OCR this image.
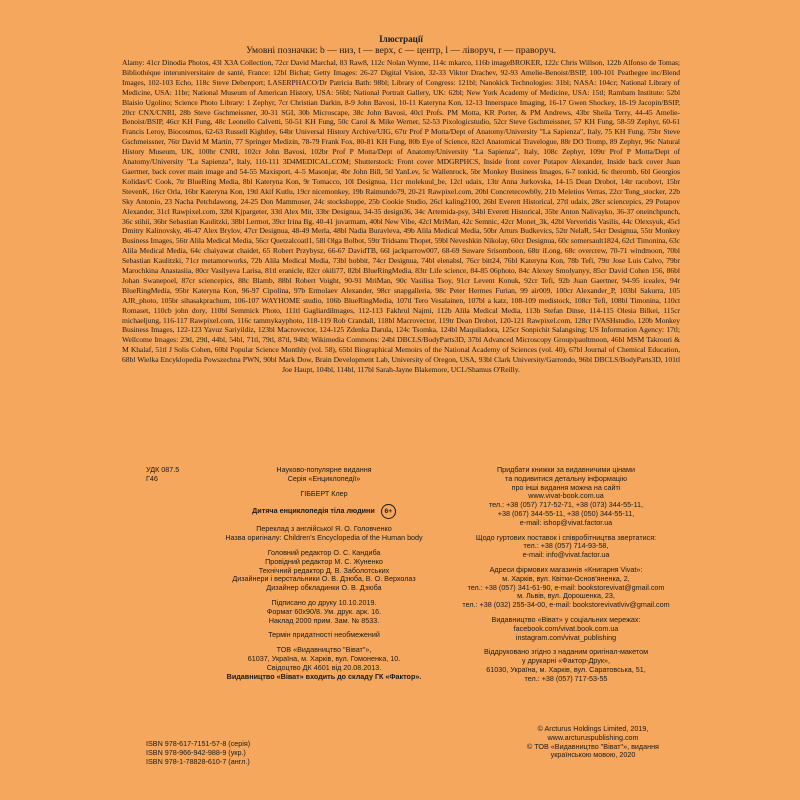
Ілюстрації
Умовні позначки: b — низ, t — верх, c — центр, l — ліворуч, r — праворуч.
Alamy: 41cr Dinodia Photos, 43l X3A Collection, 72cr David Marchal, 83 Raw8, 112c Nolan Wynne, 114c mkarco, 116b imageBROKER, 122c Chris Willson, 122b Alfonso de Tomas; Bibliothèque interuniversitaire de santé, France: 12bl Bichat; Getty Images: 26-27 Digital Vision, 32-33 Viktor Drachev, 92-93 Amelie-Benoist/BSIP, 100-101 Peathegee inc/Blend Images, 102-103 Echo, 118c Steve Debenport; LASERPHACO/Dr Patricia Bath: 98bl; Library of Congress: 121bl; Nanokick Technologies: 31bl; NASA: 104cr; National Library of Medicine, USA: 11br; National Museum of American History, USA: 56bl; National Portrait Gallery, UK: 62bl; New York Academy of Medicine, USA: 15tl; Rambam Institute: 52bl Blaisio Ugolino; Science Photo Library: 1 Zephyr, 7cr Christian Darkin, 8-9 John Bavosi, 10-11 Kateryna Kon, 12-13 Innerspace Imaging, 16-17 Gwen Shockey, 18-19 Jacopin/BSIP, 20cr CNX/CNRI, 28b Steve Gschmeissner, 30-31 SGI, 30b Microscape, 38c John Bavosi, 40cl Profs. PM Motta, KR Porter, & PM Andrews, 43br Sheila Terry, 44-45 Amelie-Benoist/BSIP, 46cr KH Fung, 48c Leonello Calvetti, 50-51 KH Fung, 50c Carol & Mike Werner, 52-53 Pixologicstudio, 52cr Steve Gschmeissner, 57 KH Fung, 58-59 Zephyr, 60-61 Francis Leroy, Biocosmos, 62-63 Russell Kightley, 64br Universal History Archive/UIG, 67tr Prof P Motta/Dept of Anatomy/University "La Sapienza", Italy, 75 KH Fung, 75br Steve Gschmeissner, 76tr David M Martin, 77 Springer Medizin, 78-79 Frank Fox, 80-81 KH Fung, 80b Eye of Science, 82cl Anatomical Travelogue, 88r DO Tromp, 89 Zephyr, 96c Natural History Museum, UK, 100br CNRI, 102cr John Bavosi, 102br Prof P Motta/Dept of Anatomy/University "La Sapienza", Italy, 108c Zephyr, 109tr Prof P Motta/Dept of Anatomy/University "La Sapienza", Italy, 110-111 3D4MEDICAL.COM; Shutterstock: Front cover MDGRPHCS, Inside front cover Potapov Alexander, Inside back cover Juan Gaertner, back cover main image and 54-55 Maxisport, 4–5 Masonjar, 4br John Bill, 5tl YanLev, 5c Wallenrock, 5br Monkey Business Images, 6-7 tonkid, 6c therornb, 6bl Georgios Kolidas/C Cook, 7tr BlueRing Media, 8bl Kateryna Kon, 9r Tomacco, 10l Designua, 11cr molekuul_be, 12cl udaix, 13tr Anna Jurkovska, 14-15 Dean Drobot, 14tr racobovt, 15br StevenK, 16cr Orla, 16br Kateryna Kon, 19tl Akif Kutlu, 19cr nicemonkey, 19b Raimundo79, 20-21 Rawpixel.com, 20bl Concretecowb0y, 21b Meletios Verras, 22cr Tong_stocker, 22b Sky Antonio, 23 Nacha Petchdawong, 24-25 Don Mammoser, 24c stockshoppe, 25b Cookie Studio, 26cl kaling2100, 26bl Everett Historical, 27tl udaix, 28cr sciencepics, 29 Potapov Alexander, 31cl Rawpixel.com, 32bl Kjpargeter, 33tl Alex Mit, 33br Designua, 34-35 design36, 34c Artemida-psy, 34bl Everett Historical, 35br Anton Nalivayko, 36-37 oneinchpunch, 36c stihii, 36br Sebastian Kaulitzki, 38bl Lermot, 39cr Irina Bg, 40-41 juvarmam, 40bl New Vibe, 42cl MriMan, 42c Semnic, 42cr Monet_3k, 42bl Ververidis Vasilis, 44c Olexsyuk, 45cl Dmitry Kalinovsky, 46-47 Alex Brylov, 47cr Designua, 48-49 Merla, 48bl Nadia Buravleva, 49b Alila Medical Media, 50br Arturs Budkevics, 52tr NelaR, 54cr Designua, 55tr Monkey Business Images, 56tr Alila Medical Media, 56cr Quetzalcoatl1, 58l Olga Bolbot, 59tr Tridsanu Thopet, 59bl Neveshkin Nikolay, 60cr Designua, 60c somersault1824, 62cl Timonina, 63c Alila Medical Media, 64c chaiyawat chaidet, 65 Robert Przybysz, 66-67 DavidTB, 66l jackparrow007, 68-69 Suware Srisomboon, 68tr iLong, 68c overcrew, 70-71 windmoon, 70bl Sebastian Kaulitzki, 71cr metamorworks, 72b Alila Medical Media, 73bl hobbit, 74cr Designua, 74bl elenabsl, 76cr bitt24, 76bl Kateryna Kon, 78b Tefi, 79tr Jose Luis Calvo, 79br Marochkina Anastasiia, 80cr Vasilyeva Larisa, 81tl eranicle, 82cr okili77, 82bl BlueRingMedia, 83tr Life science, 84-85 06photo, 84c Alexey Smolyanyy, 85cr David Cohen 156, 86bl Johan Swanepoel, 87cr sciencepics, 88c Blamb, 88bl Robert Voight, 90-91 MriMan, 90c Vasilisa Tsoy, 91cr Levent Konuk, 92cr Tefi, 92b Juan Gaertner, 94-95 icealex, 94r BlueRingMedia, 95br Kateryna Kon, 96-97 Cipolina, 97b Ermolaev Alexander, 98cr snapgalleria, 98c Peter Hermes Furian, 99 air009, 100cr Alexander_P, 103bl Sakurra, 105 AJR_photo, 105br sihasakprachum, 106-107 WAYHOME studio, 106b BlueRingMedia, 107tl Tero Vesalainen, 107bl a katz, 108-109 medistock, 108cr Tefi, 108bl Timonina, 110ct Romaset, 110cb john dory, 110bl Semmick Photo, 111tl Gagliardilmages, 112-113 Fakhrul Najmi, 112b Alila Medical Media, 113b Stefan Dinse, 114-115 Olesia Bilkei, 115cr michaeljung, 116-117 Rawpixel.com, 116c tammykayphoto, 118-119 Rob Crandall, 118bl Macrovector, 119tr Dean Drobot, 120-121 Rawpixel.com, 128cr IVASHstudio, 120b Monkey Business Images, 122-123 Yavuz Sariyildiz, 123bl Macrovector, 124-125 Zdenka Darula, 124c Tsomka, 124bl Maquiladora, 125cr Sonpichit Salangsing; US Information Agency: 17tl; Wellcome Images: 23tl, 29tl, 44bl, 54bl, 71tl, 79tl, 87tl, 94bl; Wikimedia Commons: 24bl DBCLS/BodyParts3D, 37bl Advanced Microscopy Group/paultmoon, 46bl MSM Takrouri & M Khalaf, 51tl J Solis Cohen, 60bl Popular Science Monthly (vol. 58), 65bl Biographical Memoirs of the National Academy of Sciences (vol. 40), 67bl Journal of Chemical Education, 68bl Wielka Encyklopedia Powszechna PWN, 90bl Mark Dow, Brain Development Lab, University of Oregon, USA, 93bl Clark University/Garrondo, 96bl DBCLS/BodyParts3D, 101tl Joe Haupt, 104bl, 114bl, 117bl Sarah-Jayne Blakemore, UCL/Shamus O'Reilly.
УДК 087.5
Г46
Науково-популярне видання
Серія «Енциклопедії»
ГІББЕРТ Клер
Дитяча енциклопедія тіла людини	6+
Переклад з англійської Я. О. Головченко
Назва оригіналу: Children's Encyclopedia of the Human body
Головний редактор О. С. Кандиба
Провідний редактор М. С. Жуненко
Технічний редактор Д. В. Заболотських
Дизайнери і верстальники О. В. Дзюба, В. О. Верхолаз
Дизайнер обкладинки О. В. Дзюба
Підписано до друку 10.10.2019.
Формат 60х90/8. Ум. друк. арк. 16.
Наклад 2000 прим. Зам. № 8533.
Термін придатності необмежений
ТОВ «Видавництво "Віват"»,
61037, Україна, м. Харків, вул. Гомоненка, 10.
Свідоцтво ДК 4601 від 20.08.2013.
Видавництво «Віват» входить до складу ГК «Фактор».
Придбати книжки за видавничими цінами
та подивитися детальну інформацію
про інші видання можна на сайті
www.vivat-book.com.ua
тел.: +38 (057) 717-52-71, +38 (073) 344-55-11,
+38 (067) 344-55-11, +38 (050) 344-55-11,
e-mail: ishop@vivat.factor.ua
Щодо гуртових поставок і співробітництва звертатися:
тел.: +38 (057) 714-93-58,
e-mail: info@vivat.factor.ua
Адреси фірмових магазинів «Книгарня Vivat»:
м. Харків, вул. Квітки-Основ'яненка, 2,
тел.: +38 (057) 341-61-90, e-mail: bookstorevivat@gmail.com
м. Львів, вул. Дорошенка, 23,
тел.: +38 (032) 255-34-00, e-mail: bookstorevivatlviv@gmail.com
Видавництво «Віват» у соціальних мережах:
facebook.com/vivat.book.com.ua
instagram.com/vivat_publishing
Віддруковано згідно з наданим оригінал-макетом
у друкарні «Фактор-Друк»,
61030, Україна, м. Харків, вул. Саратовська, 51,
тел.: +38 (057) 717-53-55
ISBN 978-617-7151-57-8 (серія)
ISBN 978-966-942-988-9 (укр.)
ISBN 978-1-78828-610-7 (англ.)
© Arcturus Holdings Limited, 2019,
www.arcturuspublishing.com
© ТОВ «Видавництво "Віват"», видання
українською мовою, 2020
